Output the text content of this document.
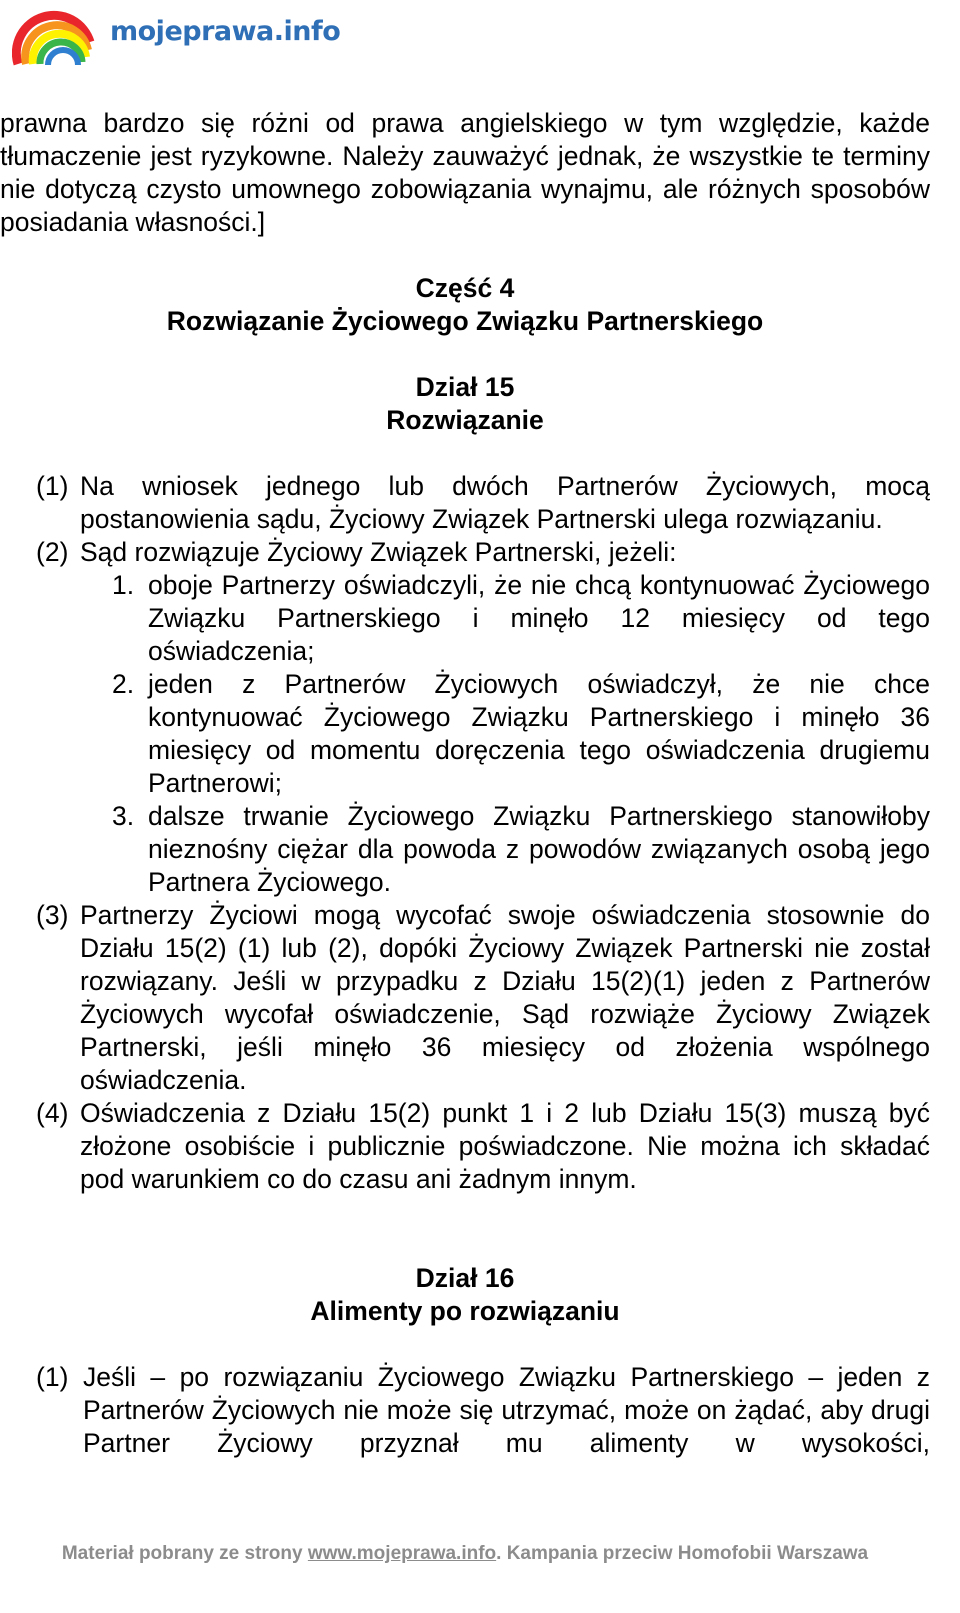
mojeprawa.info

prawna bardzo się różni od prawa angielskiego w tym względzie, każde tłumaczenie jest ryzykowne. Należy zauważyć jednak, że wszystkie te terminy nie dotyczą czysto umownego zobowiązania wynajmu, ale różnych sposobów posiadania własności.]

Część 4

Rozwiązanie Życiowego Związku Partnerskiego

Dział 15

Rozwiązanie

(1) Na wniosek jednego lub dwóch Partnerów Życiowych, mocą postanowienia sądu, Życiowy Związek Partnerski ulega rozwiązaniu.

(2) Sąd rozwiązuje Życiowy Związek Partnerski, jeżeli:

1. oboje Partnerzy oświadczyli, że nie chcą kontynuować Życiowego Związku Partnerskiego i minęło 12 miesięcy od tego oświadczenia;

2. jeden z Partnerów Życiowych oświadczył, że nie chce kontynuować Życiowego Związku Partnerskiego i minęło 36 miesięcy od momentu doręczenia tego oświadczenia drugiemu Partnerowi;

3. dalsze trwanie Życiowego Związku Partnerskiego stanowiłoby nieznośny ciężar dla powoda z powodów związanych osobą jego Partnera Życiowego.

(3) Partnerzy Życiowi mogą wycofać swoje oświadczenia stosownie do Działu 15(2) (1) lub (2), dopóki Życiowy Związek Partnerski nie został rozwiązany. Jeśli w przypadku z Działu 15(2)(1) jeden z Partnerów Życiowych wycofał oświadczenie, Sąd rozwiąże Życiowy Związek Partnerski, jeśli minęło 36 miesięcy od złożenia wspólnego oświadczenia.

(4) Oświadczenia z Działu 15(2) punkt 1 i 2 lub Działu 15(3) muszą być złożone osobiście i publicznie poświadczone. Nie można ich składać pod warunkiem co do czasu ani żadnym innym.

Dział 16

Alimenty po rozwiązaniu

(1) Jeśli – po rozwiązaniu Życiowego Związku Partnerskiego – jeden z Partnerów Życiowych nie może się utrzymać, może on żądać, aby drugi Partner Życiowy przyznał mu alimenty w wysokości,

Materiał pobrany ze strony www.mojeprawa.info. Kampania przeciw Homofobii Warszawa
